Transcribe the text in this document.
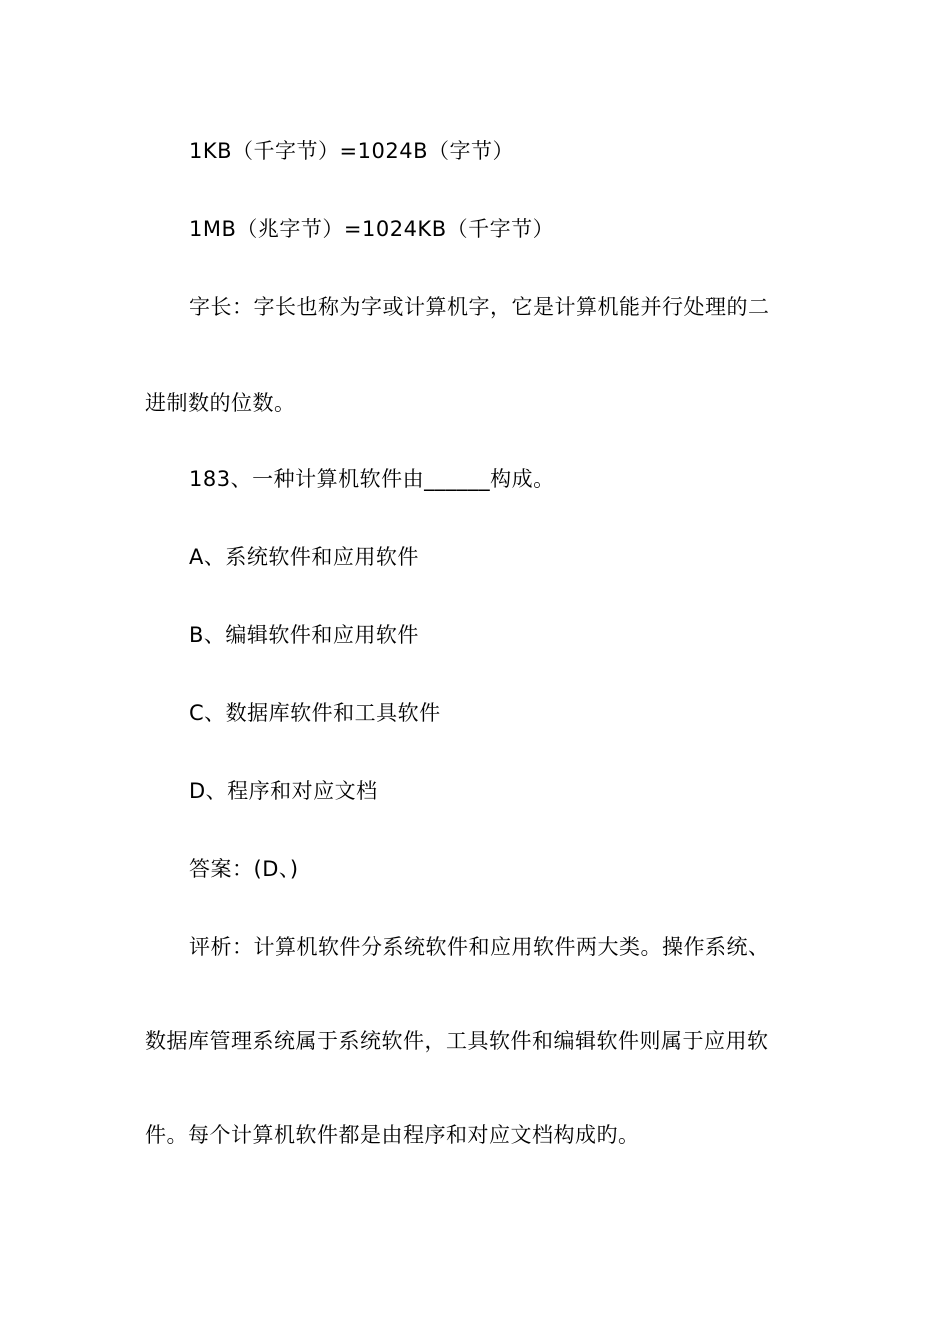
1KB（千字节）=1024B（字节）
1MB（兆字节）=1024KB（千字节）
字长：字长也称为字或计算机字，它是计算机能并行处理的二
进制数的位数。
183、一种计算机软件由______构成。
A、系统软件和应用软件
B、编辑软件和应用软件
C、数据库软件和工具软件
D、程序和对应文档
答案：(D、)
评析：计算机软件分系统软件和应用软件两大类。操作系统、
数据库管理系统属于系统软件，工具软件和编辑软件则属于应用软
件。每个计算机软件都是由程序和对应文档构成旳。
